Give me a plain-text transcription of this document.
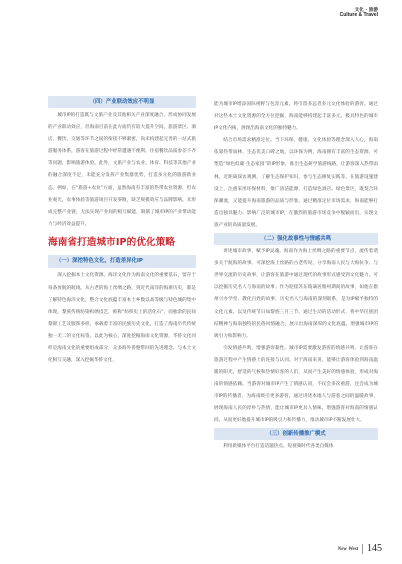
文化 · 旅游
Culture & Travel
（四）产业联动效应不明显

城市IP的打造既与文旅产业及其他相关产业深度融合，形成协同发展的产业联动效应，但海南目前在此方面仍有较大提升空间。旅游景区、酒店、餐饮、交通等环节之间的衔接不够紧密，尚未构建起完善的一站式旅游服务体系，游客在旅游过程中经常遭遇不便利、住宿餐饮品质参差不齐等问题，影响旅游体验。此外，文旅产业与农业、体育、科技等其他产业的融合深度不足，未能充分发挥产业集群优势，打造多元化的旅游新业态。例如，在“旅游+农业”方面，虽然海南有丰富的热带农业资源，但农业观光、农事体验等旅游项目开发零散，缺乏规模效应与品牌影响。未形成完整产业链，无法实现产业间的相互赋能，限制了城市IP的产业带动能力与经济效益提升。

海南省打造城市IP的优化策略
（一）深挖特色文化，打造差异化IP

深入挖掘本土文化资源。海洋文化作为海南文化的重要基石，留存于每条放航的航线。从古老的海上丝绸之路，到近代南洋的海难历史，都是了解特色海洋文化，整合文化底蕴丰富本土乡数以高等级与特色城的集中体现。黎族传统纺染织绣技艺，被称“纺织史上的活化石”，而独余的民间黎锦工艺及服饰多样，承载着丰富的民族历史文化，打造了海南历代传统独一无二的文化标签。以此为核心，深度挖掘海南文化资源，华侨文化同样是海南文化的重要组成部分，众多海外侨胞带回的先进理念、与本土文化相互交融，深入挖掘华侨文化，

能为城市IP增添国际视野与包容元素。将引留多远者多元文化体验的游客。通过对这些本土文化资源的全方位挖掘，海南能够构建起丰富多元、极具特色的城市IP文化内核，展现出海南文化的独特魅力。

结合市场需求精准定位。当下环保、健康、文化体验等理念深入人心，海南依靠热带雨林、生态优美口碑之地。以环保为例，海南拥有丰富的生态资源，可塑造“绿色低碳·生态家园”的IP形象，推出生态研学旅游线路，让游客深入热带雨林，近距离探访观测，了解生态保护知识，参与生态修复实践等。在旅游设施建设上，注重采用环保材料，推广清洁能源，打造绿色酒店、绿色景区，既契合环保潮流，又能提升海南旅游的品质与形象，通过精准定位市场需求，海南能够打造出独具魅力、影响广泛的城市IP，在激烈的旅游市场竞争中脱颖而出，实现文旅产业的高质量发展。

（二）强化故事性与情感共鸣

讲述城市故事，赋予IP灵魂。海南作为海上丝绸之路的重要节点，流传着诸多关于航海的故事。可深挖海上丝路的古老传说，分享海南人民与大海抗争、与世界交流的历史故事，让游客在旅游中通过现代的故事形式感受到文化魅力。可以挖掘历史名人与海南的故事。作为迎接苏东坡谪居儋州期间的故事，如他在儋州兴办学堂、教化百姓的故事，历史名人与海南的深刻联系，是为IP赋予独特的文化元素。以及传统节日如黎族三月三节，通过生动的活动形式、将中华民族团结精神与海南独特的民俗风情融合，展示出海南深厚的文化底蕴，增强城市IP的吸引力和影响力。

引发情感共鸣，增强游客黏性。城市IP需要激发游客的情感共鸣，让游客在旅游过程中产生情感上的连接与认同。对于海南来说，能够让游客体验到海南温暖的阳光、舒适的气候和热情好客的人们，从而产生美好的情感体验，形成对海南的情感依赖。当游客对城市IP产生了情感认同，不仅会多次重游，还会成为城市IP的传播者，为海南吸引更多游客。通过讲述本地人与游客之间的温暖故事，展现海南人民的淳朴与热情，能让城市IP更具人情味，增强游客对海南的情感认同。从而更好地提升城市IP的吸引力和传播力，推动城市IP不断发展壮大。

（三）创新传播推广模式

利用新媒体平台打造话题热点。短视频时代各类自媒体

New West 145
